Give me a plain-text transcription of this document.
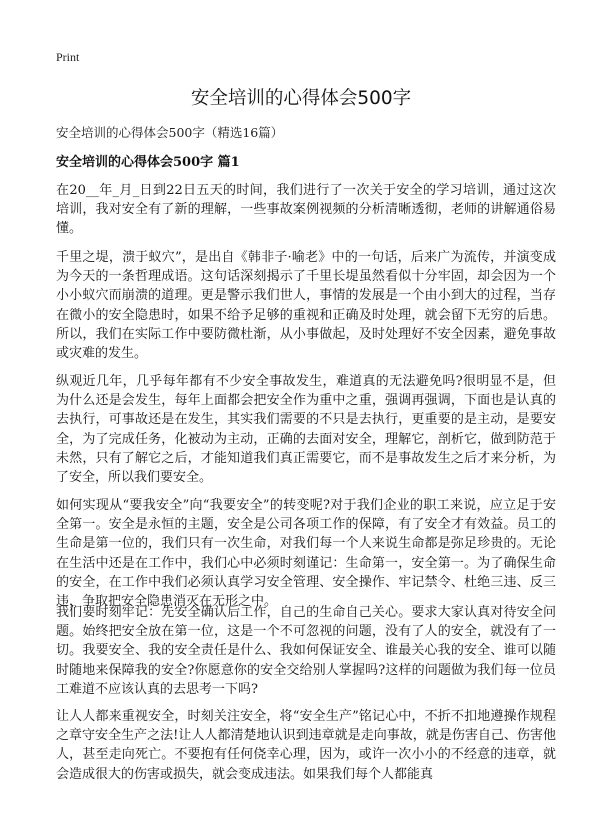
Print
安全培训的心得体会500字

安全培训的心得体会500字（精选16篇）

安全培训的心得体会500字 篇1

在20__年_月_日到22日五天的时间，我们进行了一次关于安全的学习培训，通过这次培训，我对安全有了新的理解，一些事故案例视频的分析清晰透彻，老师的讲解通俗易懂。

千里之堤，溃于蚁穴”，是出自《韩非子·喻老》中的一句话，后来广为流传，并演变成为今天的一条哲理成语。这句话深刻揭示了千里长堤虽然看似十分牢固，却会因为一个小小蚁穴而崩溃的道理。更是警示我们世人，事情的发展是一个由小到大的过程，当存在微小的安全隐患时，如果不给予足够的重视和正确及时处理，就会留下无穷的后患。所以，我们在实际工作中要防微杜渐，从小事做起，及时处理好不安全因素，避免事故或灾难的发生。

纵观近几年，几乎每年都有不少安全事故发生，难道真的无法避免吗?很明显不是，但为什么还是会发生，每年上面都会把安全作为重中之重，强调再强调，下面也是认真的去执行，可事故还是在发生，其实我们需要的不只是去执行，更重要的是主动，是要安全，为了完成任务，化被动为主动，正确的去面对安全，理解它，剖析它，做到防范于未然，只有了解它之后，才能知道我们真正需要它，而不是事故发生之后才来分析，为了安全，所以我们要安全。

如何实现从“要我安全”向“我要安全”的转变呢?对于我们企业的职工来说，应立足于安全第一。安全是永恒的主题，安全是公司各项工作的保障，有了安全才有效益。员工的生命是第一位的，我们只有一次生命，对我们每一个人来说生命都是弥足珍贵的。无论在生活中还是在工作中，我们心中必须时刻谨记：生命第一，安全第一。为了确保生命的安全，在工作中我们必须认真学习安全管理、安全操作、牢记禁令、杜绝三违、反三违，争取把安全隐患消灭在无形之中。

我们要时刻牢记：先安全确认后工作，自己的生命自己关心。要求大家认真对待安全问题。始终把安全放在第一位，这是一个不可忽视的问题，没有了人的安全，就没有了一切。我要安全、我的安全责任是什么、我如何保证安全、谁最关心我的安全、谁可以随时随地来保障我的安全?你愿意你的安全交给别人掌握吗?这样的问题做为我们每一位员工难道不应该认真的去思考一下吗?

让人人都来重视安全，时刻关注安全，将“安全生产”铭记心中，不折不扣地遵操作规程之章守安全生产之法!让人人都清楚地认识到违章就是走向事故，就是伤害自己、伤害他人，甚至走向死亡。不要抱有任何侥幸心理，因为，或许一次小小的不经意的违章，就会造成很大的伤害或损失，就会变成违法。如果我们每个人都能真
